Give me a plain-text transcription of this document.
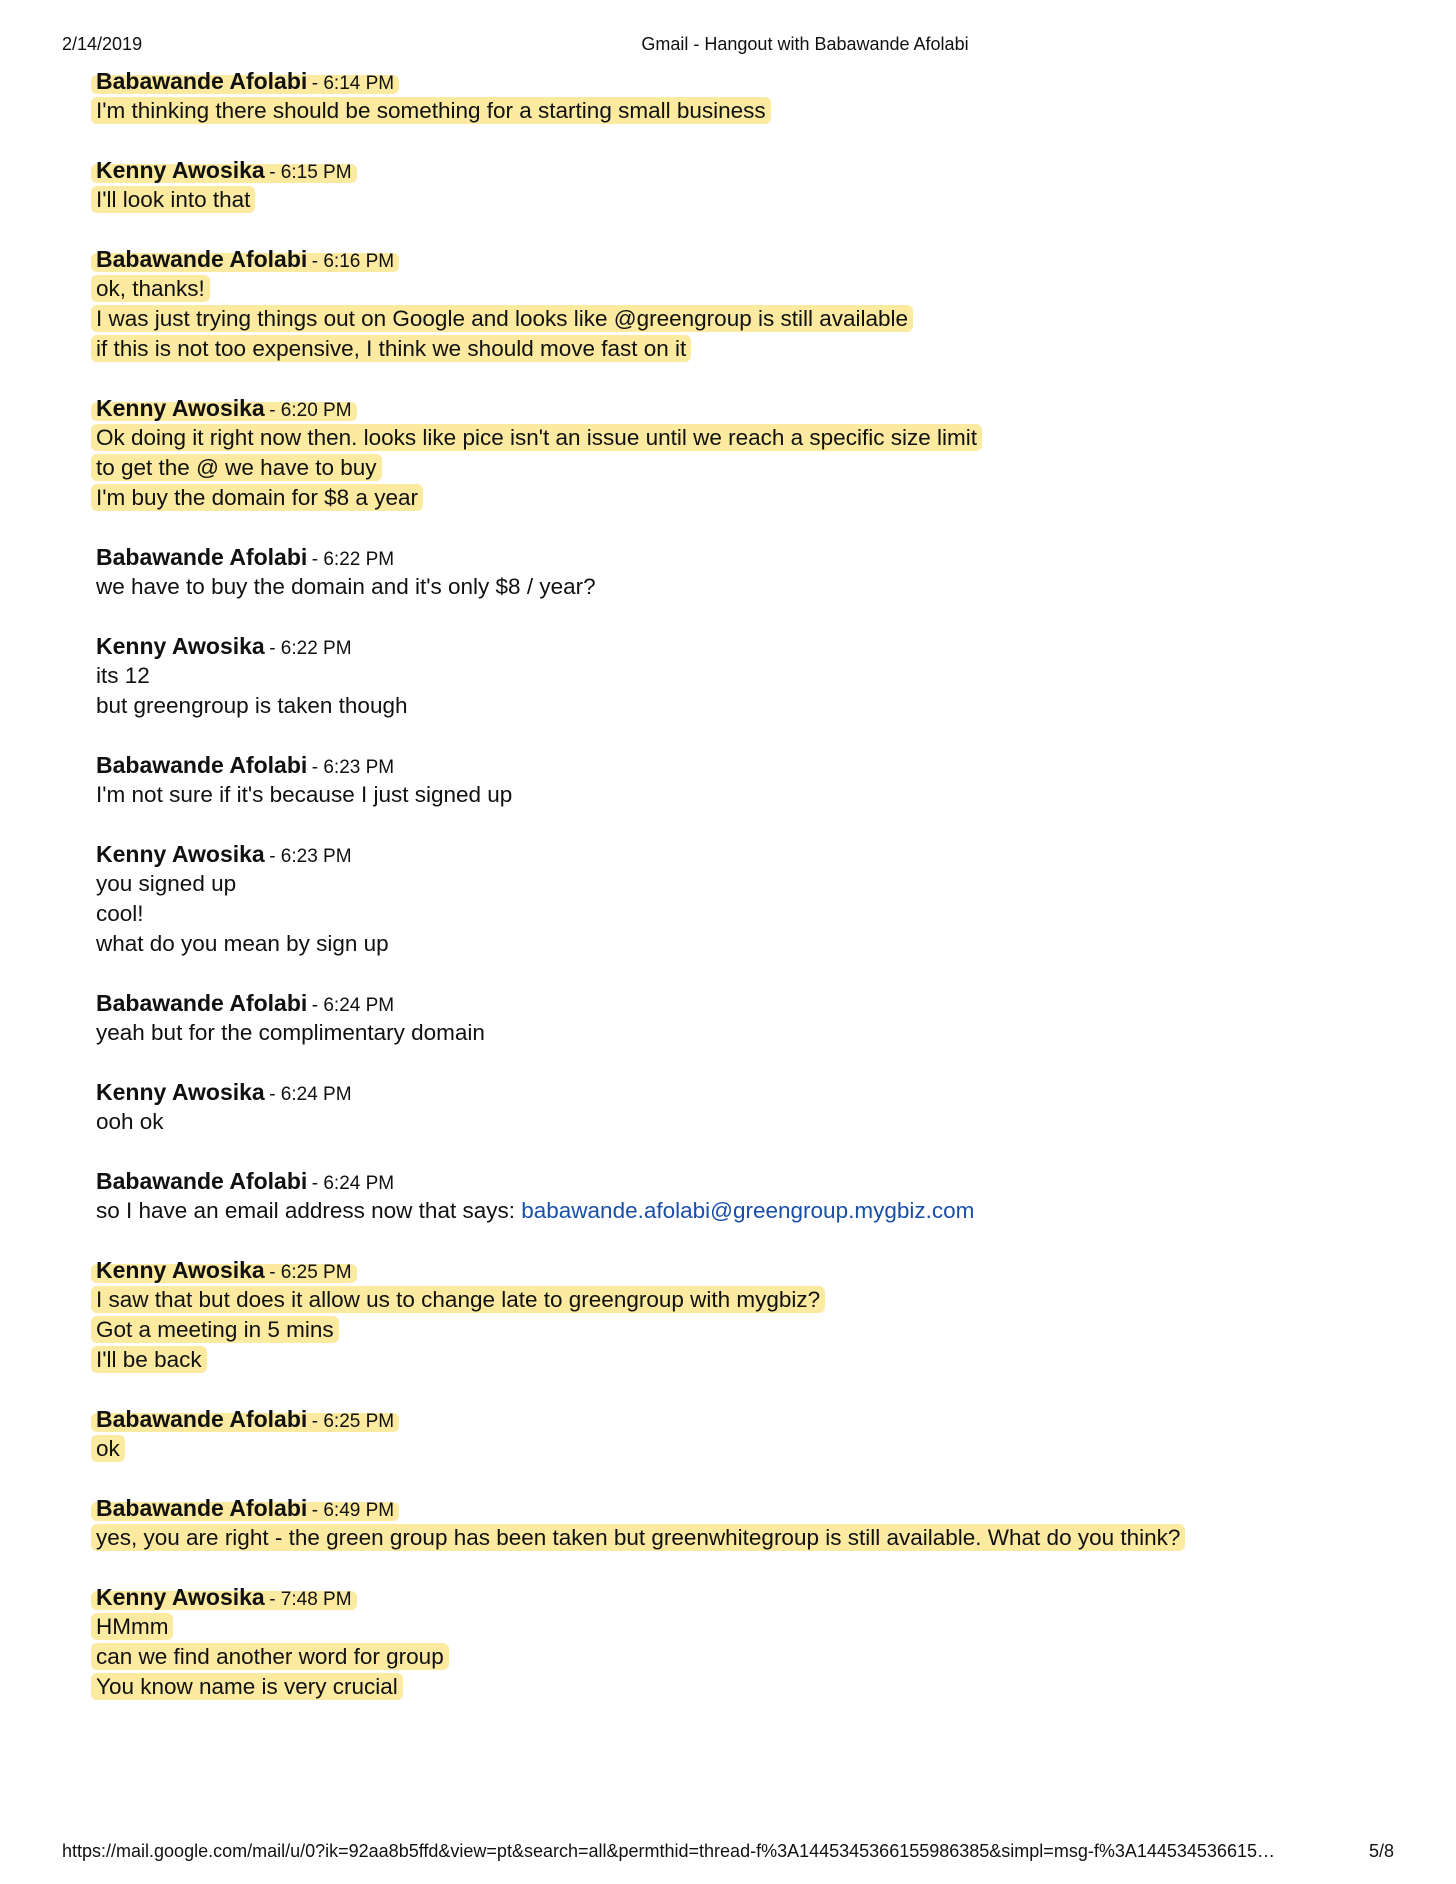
2/14/2019	Gmail - Hangout with Babawande Afolabi
Babawande Afolabi - 6:14 PM
I'm thinking there should be something for a starting small business
Kenny Awosika - 6:15 PM
I'll look into that
Babawande Afolabi - 6:16 PM
ok, thanks!
I was just trying things out on Google and looks like @greengroup is still available
if this is not too expensive, I think we should move fast on it
Kenny Awosika - 6:20 PM
Ok doing it right now then. looks like pice isn't an issue until we reach a specific size limit
to get the @ we have to buy
I'm buy the domain for $8 a year
Babawande Afolabi - 6:22 PM
we have to buy the domain and it's only $8 / year?
Kenny Awosika - 6:22 PM
its 12
but greengroup is taken though
Babawande Afolabi - 6:23 PM
I'm not sure if it's because I just signed up
Kenny Awosika - 6:23 PM
you signed up
cool!
what do you mean by sign up
Babawande Afolabi - 6:24 PM
yeah but for the complimentary domain
Kenny Awosika - 6:24 PM
ooh ok
Babawande Afolabi - 6:24 PM
so I have an email address now that says: babawande.afolabi@greengroup.mygbiz.com
Kenny Awosika - 6:25 PM
I saw that but does it allow us to change late to greengroup with mygbiz?
Got a meeting in 5 mins
I'll be back
Babawande Afolabi - 6:25 PM
ok
Babawande Afolabi - 6:49 PM
yes, you are right - the green group has been taken but greenwhitegroup is still available. What do you think?
Kenny Awosika - 7:48 PM
HMmm
can we find another word for group
You know name is very crucial
https://mail.google.com/mail/u/0?ik=92aa8b5ffd&view=pt&search=all&permthid=thread-f%3A1445345366155986385&simpl=msg-f%3A144534536615…	5/8
